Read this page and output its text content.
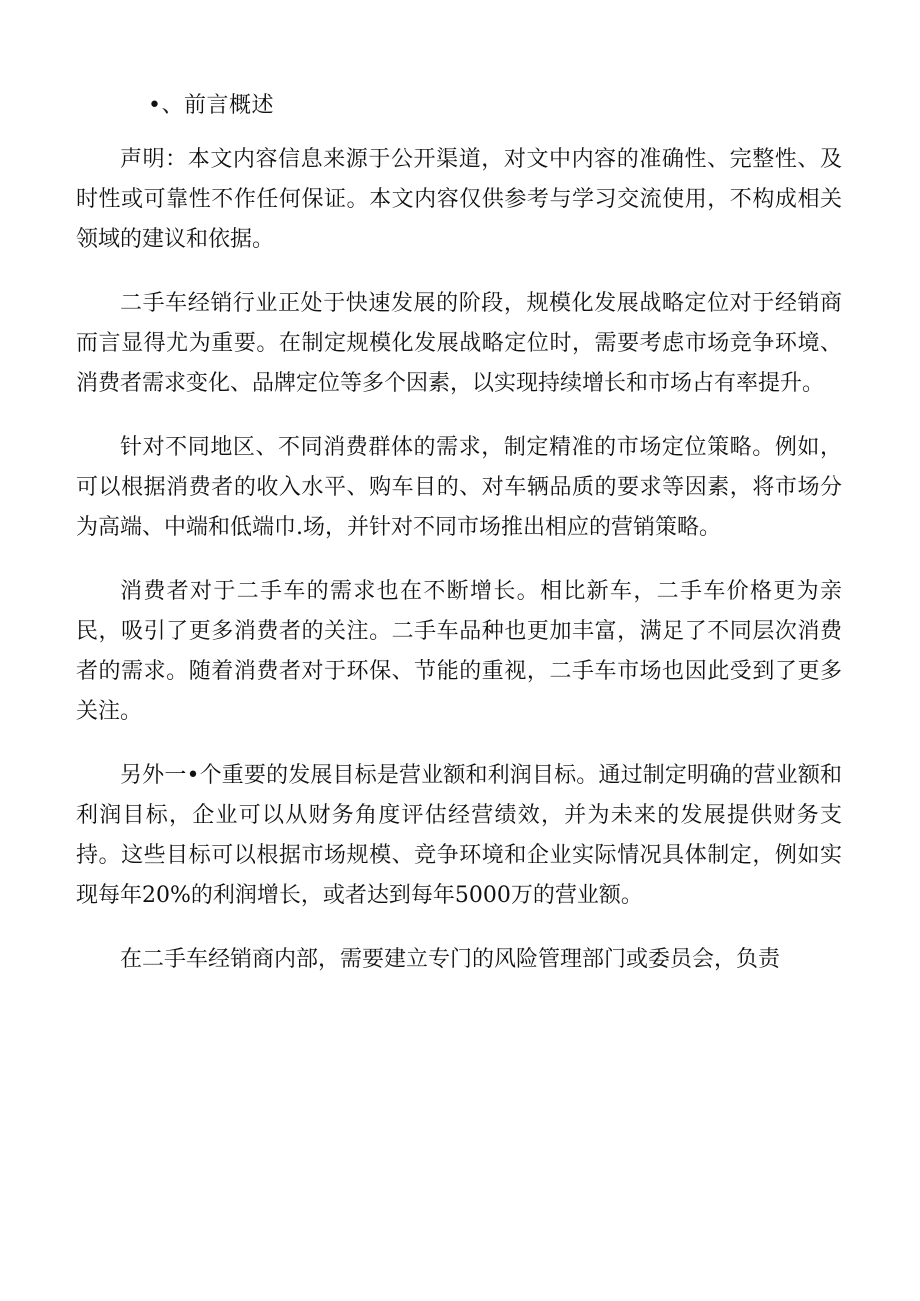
•、前言概述

声明：本文内容信息来源于公开渠道，对文中内容的准确性、完整性、及时性或可靠性不作任何保证。本文内容仅供参考与学习交流使用，不构成相关领域的建议和依据。

二手车经销行业正处于快速发展的阶段，规模化发展战略定位对于经销商而言显得尤为重要。在制定规模化发展战略定位时，需要考虑市场竞争环境、消费者需求变化、品牌定位等多个因素，以实现持续增长和市场占有率提升。

针对不同地区、不同消费群体的需求，制定精准的市场定位策略。例如，可以根据消费者的收入水平、购车目的、对车辆品质的要求等因素，将市场分为高端、中端和低端巾.场，并针对不同市场推出相应的营销策略。

消费者对于二手车的需求也在不断增长。相比新车，二手车价格更为亲民，吸引了更多消费者的关注。二手车品种也更加丰富，满足了不同层次消费者的需求。随着消费者对于环保、节能的重视，二手车市场也因此受到了更多关注。

另外一•个重要的发展目标是营业额和利润目标。通过制定明确的营业额和利润目标，企业可以从财务角度评估经营绩效，并为未来的发展提供财务支持。这些目标可以根据市场规模、竞争环境和企业实际情况具体制定，例如实现每年20%的利润增长，或者达到每年5000万的营业额。

在二手车经销商内部，需要建立专门的风险管理部门或委员会，负责
